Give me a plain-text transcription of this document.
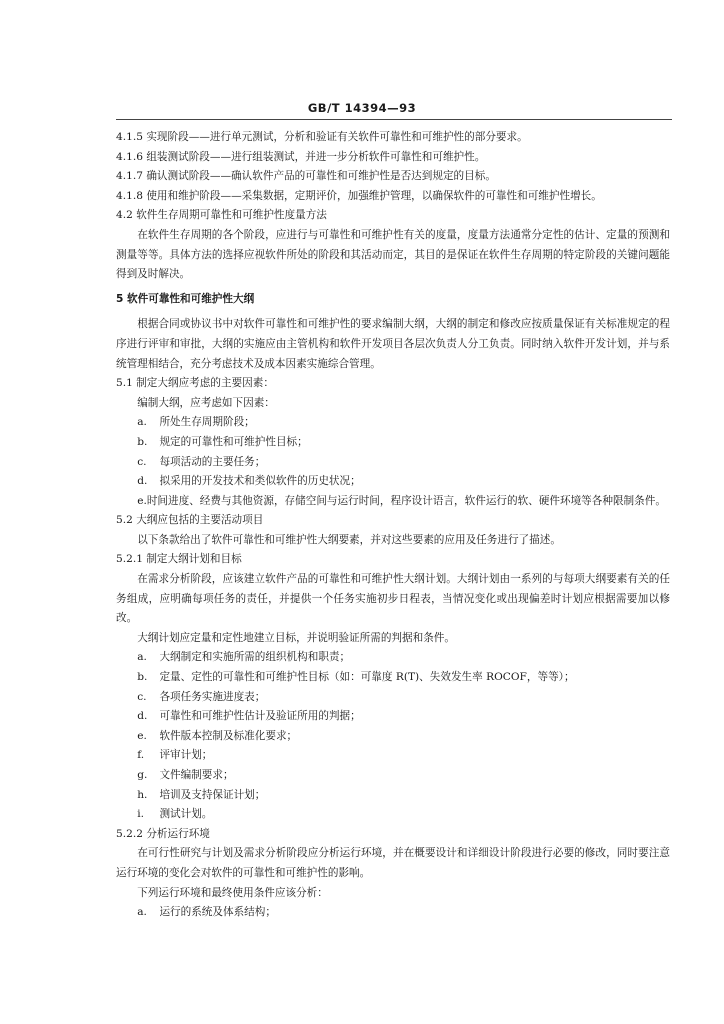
GB/T 14394—93

4.1.5 实现阶段——进行单元测试，分析和验证有关软件可靠性和可维护性的部分要求。

4.1.6 组装测试阶段——进行组装测试，并进一步分析软件可靠性和可维护性。

4.1.7 确认测试阶段——确认软件产品的可靠性和可维护性是否达到规定的目标。

4.1.8 使用和维护阶段——采集数据，定期评价，加强维护管理，以确保软件的可靠性和可维护性增长。

4.2 软件生存周期可靠性和可维护性度量方法

在软件生存周期的各个阶段，应进行与可靠性和可维护性有关的度量，度量方法通常分定性的估计、定量的预测和测量等等。具体方法的选择应视软件所处的阶段和其活动而定，其目的是保证在软件生存周期的特定阶段的关键问题能得到及时解决。

5 软件可靠性和可维护性大纲

根据合同或协议书中对软件可靠性和可维护性的要求编制大纲，大纲的制定和修改应按质量保证有关标准规定的程序进行评审和审批，大纲的实施应由主管机构和软件开发项目各层次负责人分工负责。同时纳入软件开发计划，并与系统管理相结合，充分考虑技术及成本因素实施综合管理。

5.1 制定大纲应考虑的主要因素：

编制大纲，应考虑如下因素：

a. 所处生存周期阶段；

b. 规定的可靠性和可维护性目标；

c. 每项活动的主要任务；

d. 拟采用的开发技术和类似软件的历史状况；

e.时间进度、经费与其他资源，存储空间与运行时间，程序设计语言，软件运行的软、硬件环境等各种限制条件。

5.2 大纲应包括的主要活动项目

以下条款给出了软件可靠性和可维护性大纲要素，并对这些要素的应用及任务进行了描述。

5.2.1 制定大纲计划和目标

在需求分析阶段，应该建立软件产品的可靠性和可维护性大纲计划。大纲计划由一系列的与每项大纲要素有关的任务组成，应明确每项任务的责任，并提供一个任务实施初步日程表，当情况变化或出现偏差时计划应根据需要加以修改。

大纲计划应定量和定性地建立目标，并说明验证所需的判据和条件。

a. 大纲制定和实施所需的组织机构和职责；

b. 定量、定性的可靠性和可维护性目标（如：可靠度 R(T)、失效发生率 ROCOF，等等）；

c. 各项任务实施进度表；

d. 可靠性和可维护性估计及验证所用的判据；

e. 软件版本控制及标准化要求；

f. 评审计划；

g. 文件编制要求；

h. 培训及支持保证计划；

i. 测试计划。

5.2.2 分析运行环境

在可行性研究与计划及需求分析阶段应分析运行环境，并在概要设计和详细设计阶段进行必要的修改，同时要注意运行环境的变化会对软件的可靠性和可维护性的影响。

下列运行环境和最终使用条件应该分析：

a. 运行的系统及体系结构；
